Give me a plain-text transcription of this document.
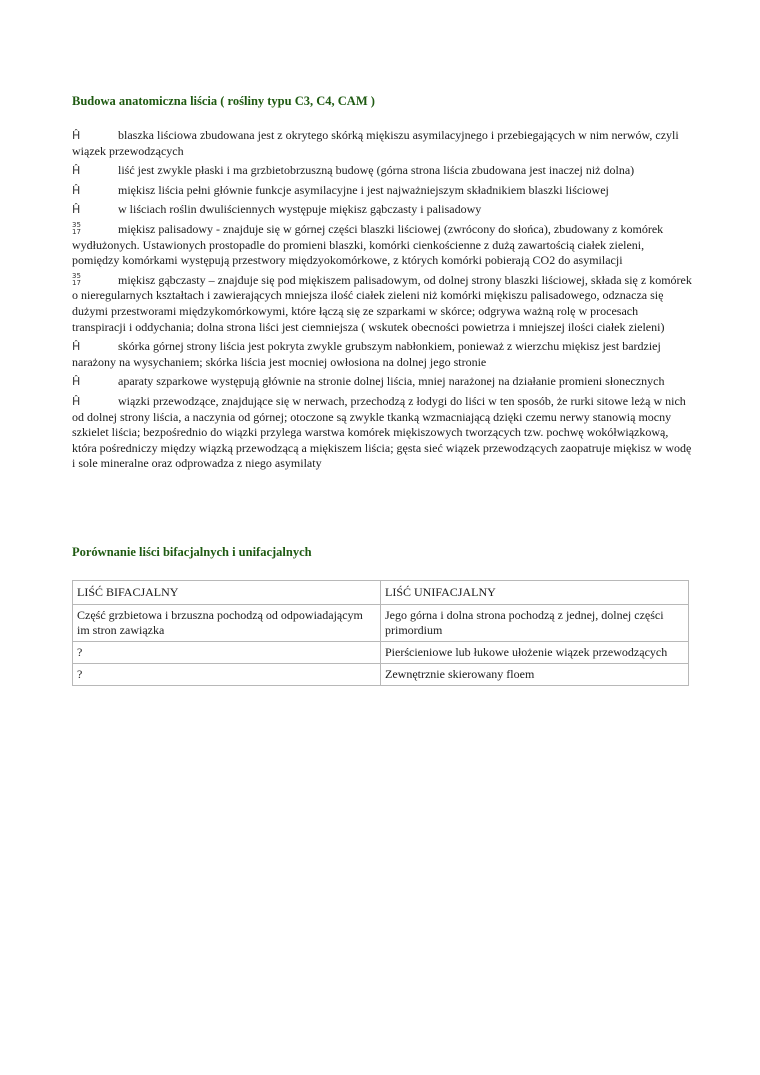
Budowa anatomiczna liścia ( rośliny typu C3, C4, CAM )

Ĥ	blaszka liściowa zbudowana jest z okrytego skórką miękiszu asymilacyjnego i przebiegających w nim nerwów, czyli wiązek przewodzących

Ĥ	liść jest zwykle płaski i ma grzbietobrzuszną budowę (górna strona liścia zbudowana jest inaczej niż dolna)

Ĥ	miękisz liścia pełni głównie funkcje asymilacyjne i jest najważniejszym składnikiem blaszki liściowej

Ĥ	w liściach roślin dwuliściennych występuje miękisz gąbczasty i palisadowy

35
17	miękisz palisadowy - znajduje się w górnej części blaszki liściowej (zwrócony do słońca), zbudowany z komórek wydłużonych. Ustawionych prostopadle do promieni blaszki, komórki cienkościenne z dużą zawartością ciałek zieleni, pomiędzy komórkami występują przestwory międzyokomórkowe, z których komórki pobierają CO2 do asymilacji

35
17	miękisz gąbczasty – znajduje się pod miękiszem palisadowym, od dolnej strony blaszki liściowej, składa się z komórek o nieregularnych kształtach i zawierających mniejsza ilość ciałek zieleni niż komórki miękiszu palisadowego, odznacza się dużymi przestworami międzykomórkowymi, które łączą się ze szparkami w skórce; odgrywa ważną rolę w procesach transpiracji i oddychania; dolna strona liści jest ciemniejsza ( wskutek obecności powietrza i mniejszej ilości ciałek zieleni)

Ĥ	skórka górnej strony liścia jest pokryta zwykle grubszym nabłonkiem, ponieważ z wierzchu miękisz jest bardziej narażony na wysychaniem; skórka liścia jest mocniej owłosiona na dolnej jego stronie

Ĥ	aparaty szparkowe występują głównie na stronie dolnej liścia, mniej narażonej na działanie promieni słonecznych

Ĥ	wiązki przewodzące, znajdujące się w nerwach, przechodzą z łodygi do liści w ten sposób, że rurki sitowe leżą w nich od dolnej strony liścia, a naczynia od górnej; otoczone są zwykle tkanką wzmacniającą dzięki czemu nerwy stanowią mocny szkielet liścia; bezpośrednio do wiązki przylega warstwa komórek miękiszowych tworzących tzw. pochwę wokółwiązkową, która pośredniczy między wiązką przewodzącą a miękiszem liścia; gęsta sieć wiązek przewodzących zaopatruje miękisz w wodę i sole mineralne oraz odprowadza z niego asymilaty

Porównanie liści bifacjalnych i unifacjalnych
LIŚĆ BIFACJALNY	LIŚĆ UNIFACJALNY
Część grzbietowa i brzuszna pochodzą od odpowiadającym im stron zawiązka	Jego górna i dolna strona pochodzą z jednej, dolnej części primordium
?	Pierścieniowe lub łukowe ułożenie wiązek przewodzących
?	Zewnętrznie skierowany floem
